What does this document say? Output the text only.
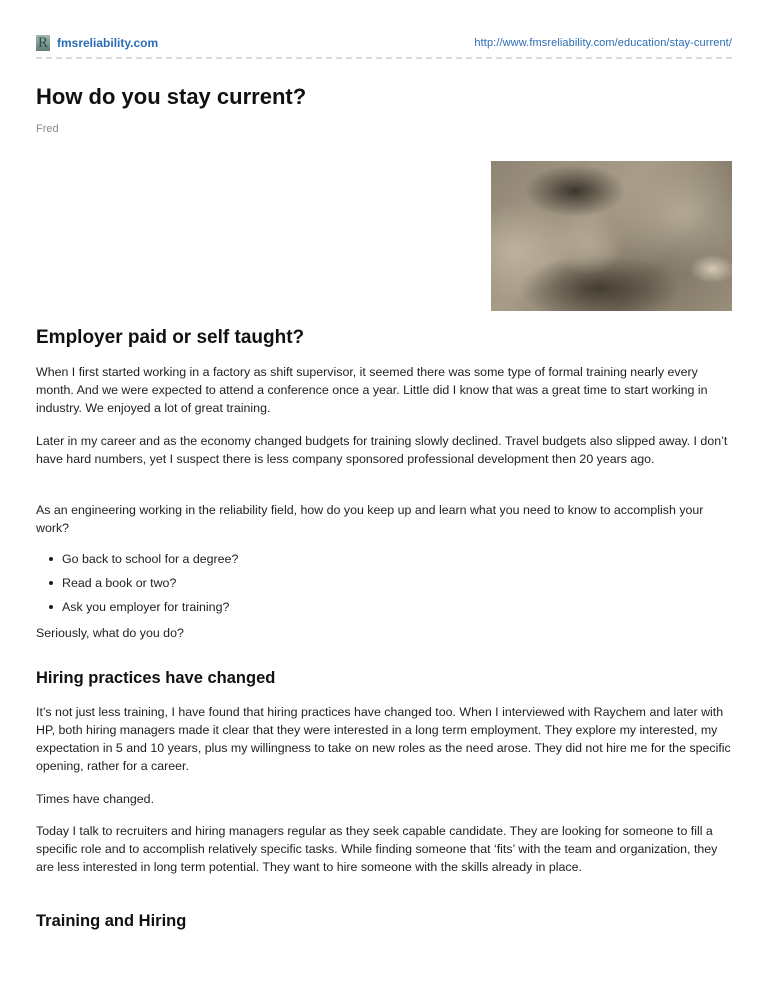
R fmsreliability.com	http://www.fmsreliability.com/education/stay-current/
How do you stay current?
Fred
Employer paid or self taught?

When I first started working in a factory as shift supervisor, it seemed there was some type of formal training nearly every month. And we were expected to attend a conference once a year. Little did I know that was a great time to start working in industry. We enjoyed a lot of great training.

Later in my career and as the economy changed budgets for training slowly declined. Travel budgets also slipped away. I don’t have hard numbers, yet I suspect there is less company sponsored professional development then 20 years ago.

As an engineering working in the reliability field, how do you keep up and learn what you need to know to accomplish your work?

Go back to school for a degree?
Read a book or two?
Ask you employer for training?

Seriously, what do you do?

Hiring practices have changed

It’s not just less training, I have found that hiring practices have changed too. When I interviewed with Raychem and later with HP, both hiring managers made it clear that they were interested in a long term employment. They explore my interested, my expectation in 5 and 10 years, plus my willingness to take on new roles as the need arose. They did not hire me for the specific opening, rather for a career.

Times have changed.

Today I talk to recruiters and hiring managers regular as they seek capable candidate. They are looking for someone to fill a specific role and to accomplish relatively specific tasks. While finding someone that ‘fits’ with the team and organization, they are less interested in long term potential. They want to hire someone with the skills already in place.

Training and Hiring
